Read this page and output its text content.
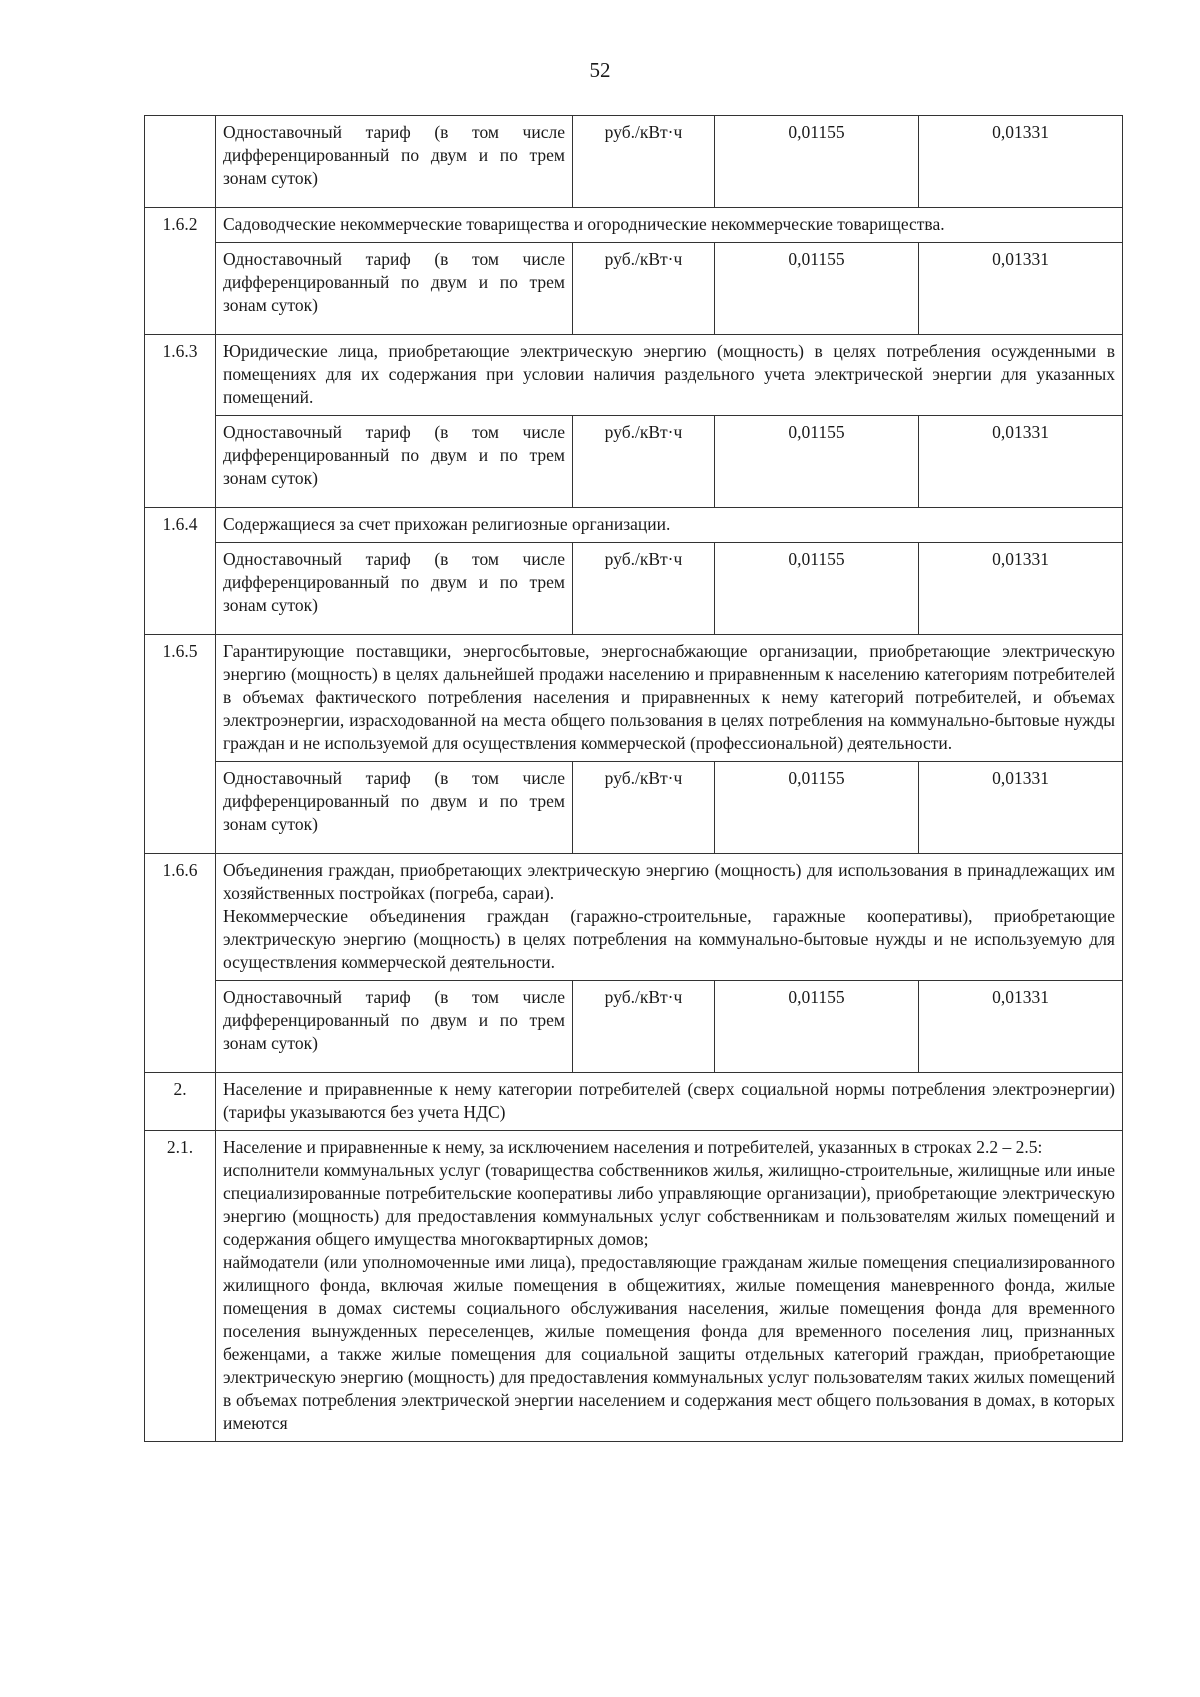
52
	Одноставочный тариф (в том числе дифференцированный по двум и по трем зонам суток)	руб./кВт·ч	0,01155	0,01331
1.6.2	Садоводческие некоммерческие товарищества и огороднические некоммерческие товарищества.			
	Одноставочный тариф (в том числе дифференцированный по двум и по трем зонам суток)	руб./кВт·ч	0,01155	0,01331
1.6.3	Юридические лица, приобретающие электрическую энергию (мощность) в целях потребления осужденными в помещениях для их содержания при условии наличия раздельного учета электрической энергии для указанных помещений.			
	Одноставочный тариф (в том числе дифференцированный по двум и по трем зонам суток)	руб./кВт·ч	0,01155	0,01331
1.6.4	Содержащиеся за счет прихожан религиозные организации.			
	Одноставочный тариф (в том числе дифференцированный по двум и по трем зонам суток)	руб./кВт·ч	0,01155	0,01331
1.6.5	Гарантирующие поставщики, энергосбытовые, энергоснабжающие организации, приобретающие электрическую энергию (мощность) в целях дальнейшей продажи населению и приравненным к населению категориям потребителей в объемах фактического потребления населения и приравненных к нему категорий потребителей, и объемах электроэнергии, израсходованной на места общего пользования в целях потребления на коммунально-бытовые нужды граждан и не используемой для осуществления коммерческой (профессиональной) деятельности.			
	Одноставочный тариф (в том числе дифференцированный по двум и по трем зонам суток)	руб./кВт·ч	0,01155	0,01331
1.6.6	Объединения граждан, приобретающих электрическую энергию (мощность) для использования в принадлежащих им хозяйственных постройках (погреба, сараи).
Некоммерческие объединения граждан (гаражно-строительные, гаражные кооперативы), приобретающие электрическую энергию (мощность) в целях потребления на коммунально-бытовые нужды и не используемую для осуществления коммерческой деятельности.			

	Одноставочный тариф (в том числе дифференцированный по двум и по трем зонам суток)	руб./кВт·ч	0,01155	0,01331
2.	Население и приравненные к нему категории потребителей (сверх социальной нормы потребления электроэнергии) (тарифы указываются без учета НДС)			
2.1.	Население и приравненные к нему, за исключением населения и потребителей, указанных в строках 2.2 – 2.5:
исполнители коммунальных услуг (товарищества собственников жилья, жилищно-строительные, жилищные или иные специализированные потребительские кооперативы либо управляющие организации), приобретающие электрическую энергию (мощность) для предоставления коммунальных услуг собственникам и пользователям жилых помещений и содержания общего имущества многоквартирных домов;
наймодатели (или уполномоченные ими лица), предоставляющие гражданам жилые помещения специализированного жилищного фонда, включая жилые помещения в общежитиях, жилые помещения маневренного фонда, жилые помещения в домах системы социального обслуживания населения, жилые помещения фонда для временного поселения вынужденных переселенцев, жилые помещения фонда для временного поселения лиц, признанных беженцами, а также жилые помещения для социальной защиты отдельных категорий граждан, приобретающие электрическую энергию (мощность) для предоставления коммунальных услуг пользователям таких жилых помещений в объемах потребления электрической энергии населением и содержания мест общего пользования в домах, в которых имеются			
